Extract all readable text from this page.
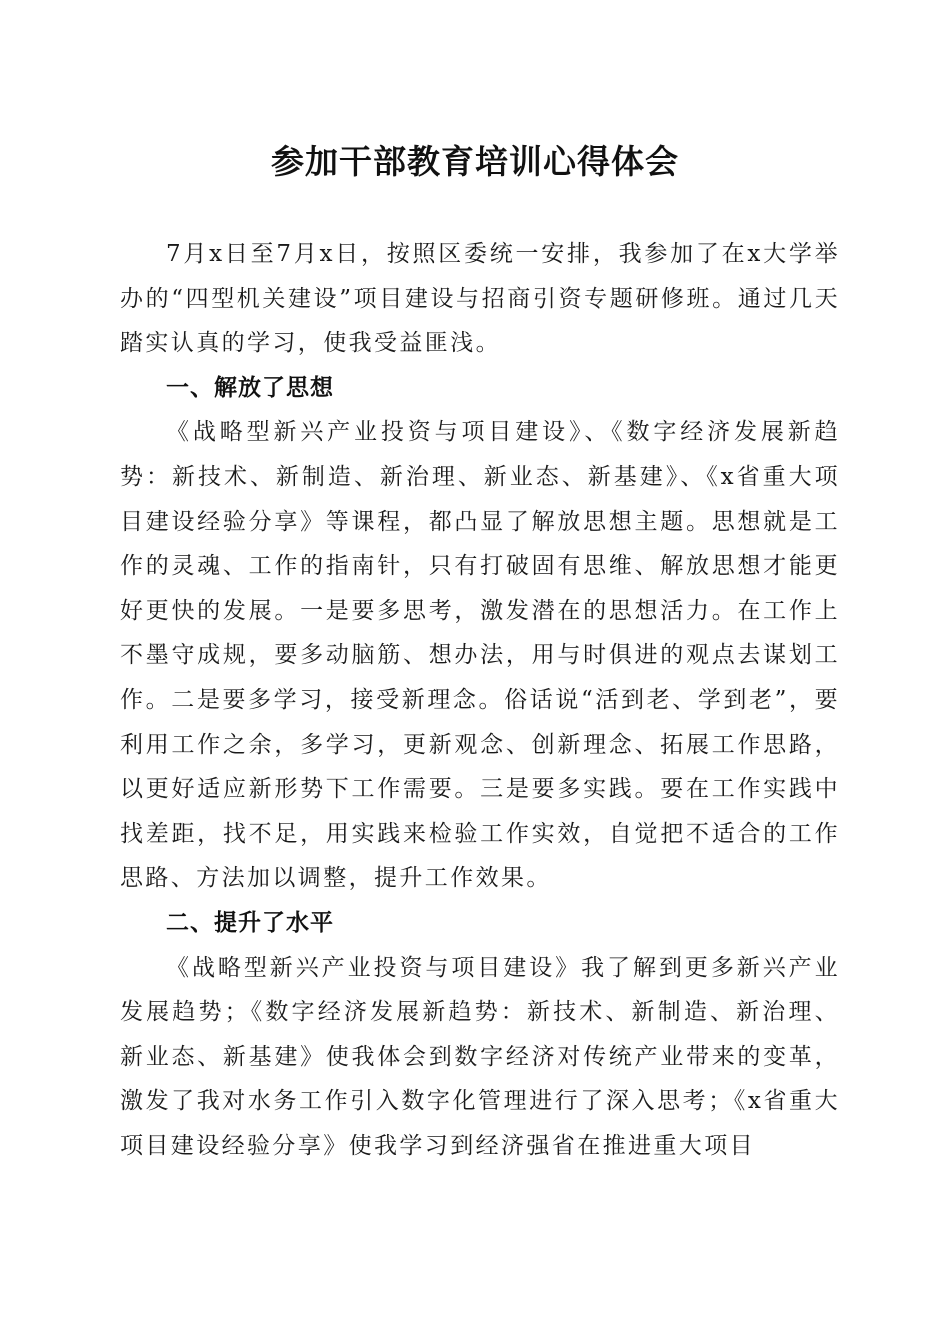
参加干部教育培训心得体会

7月x日至7月x日，按照区委统一安排，我参加了在x大学举办的“四型机关建设”项目建设与招商引资专题研修班。通过几天踏实认真的学习，使我受益匪浅。

一、解放了思想

《战略型新兴产业投资与项目建设》、《数字经济发展新趋势：新技术、新制造、新治理、新业态、新基建》、《x省重大项目建设经验分享》等课程，都凸显了解放思想主题。思想就是工作的灵魂、工作的指南针，只有打破固有思维、解放思想才能更好更快的发展。一是要多思考，激发潜在的思想活力。在工作上不墨守成规，要多动脑筋、想办法，用与时俱进的观点去谋划工作。二是要多学习，接受新理念。俗话说“活到老、学到老”，要利用工作之余，多学习，更新观念、创新理念、拓展工作思路，以更好适应新形势下工作需要。三是要多实践。要在工作实践中找差距，找不足，用实践来检验工作实效，自觉把不适合的工作思路、方法加以调整，提升工作效果。

二、提升了水平

《战略型新兴产业投资与项目建设》我了解到更多新兴产业发展趋势；《数字经济发展新趋势：新技术、新制造、新治理、新业态、新基建》使我体会到数字经济对传统产业带来的变革，激发了我对水务工作引入数字化管理进行了深入思考；《x省重大项目建设经验分享》使我学习到经济强省在推进重大项目
